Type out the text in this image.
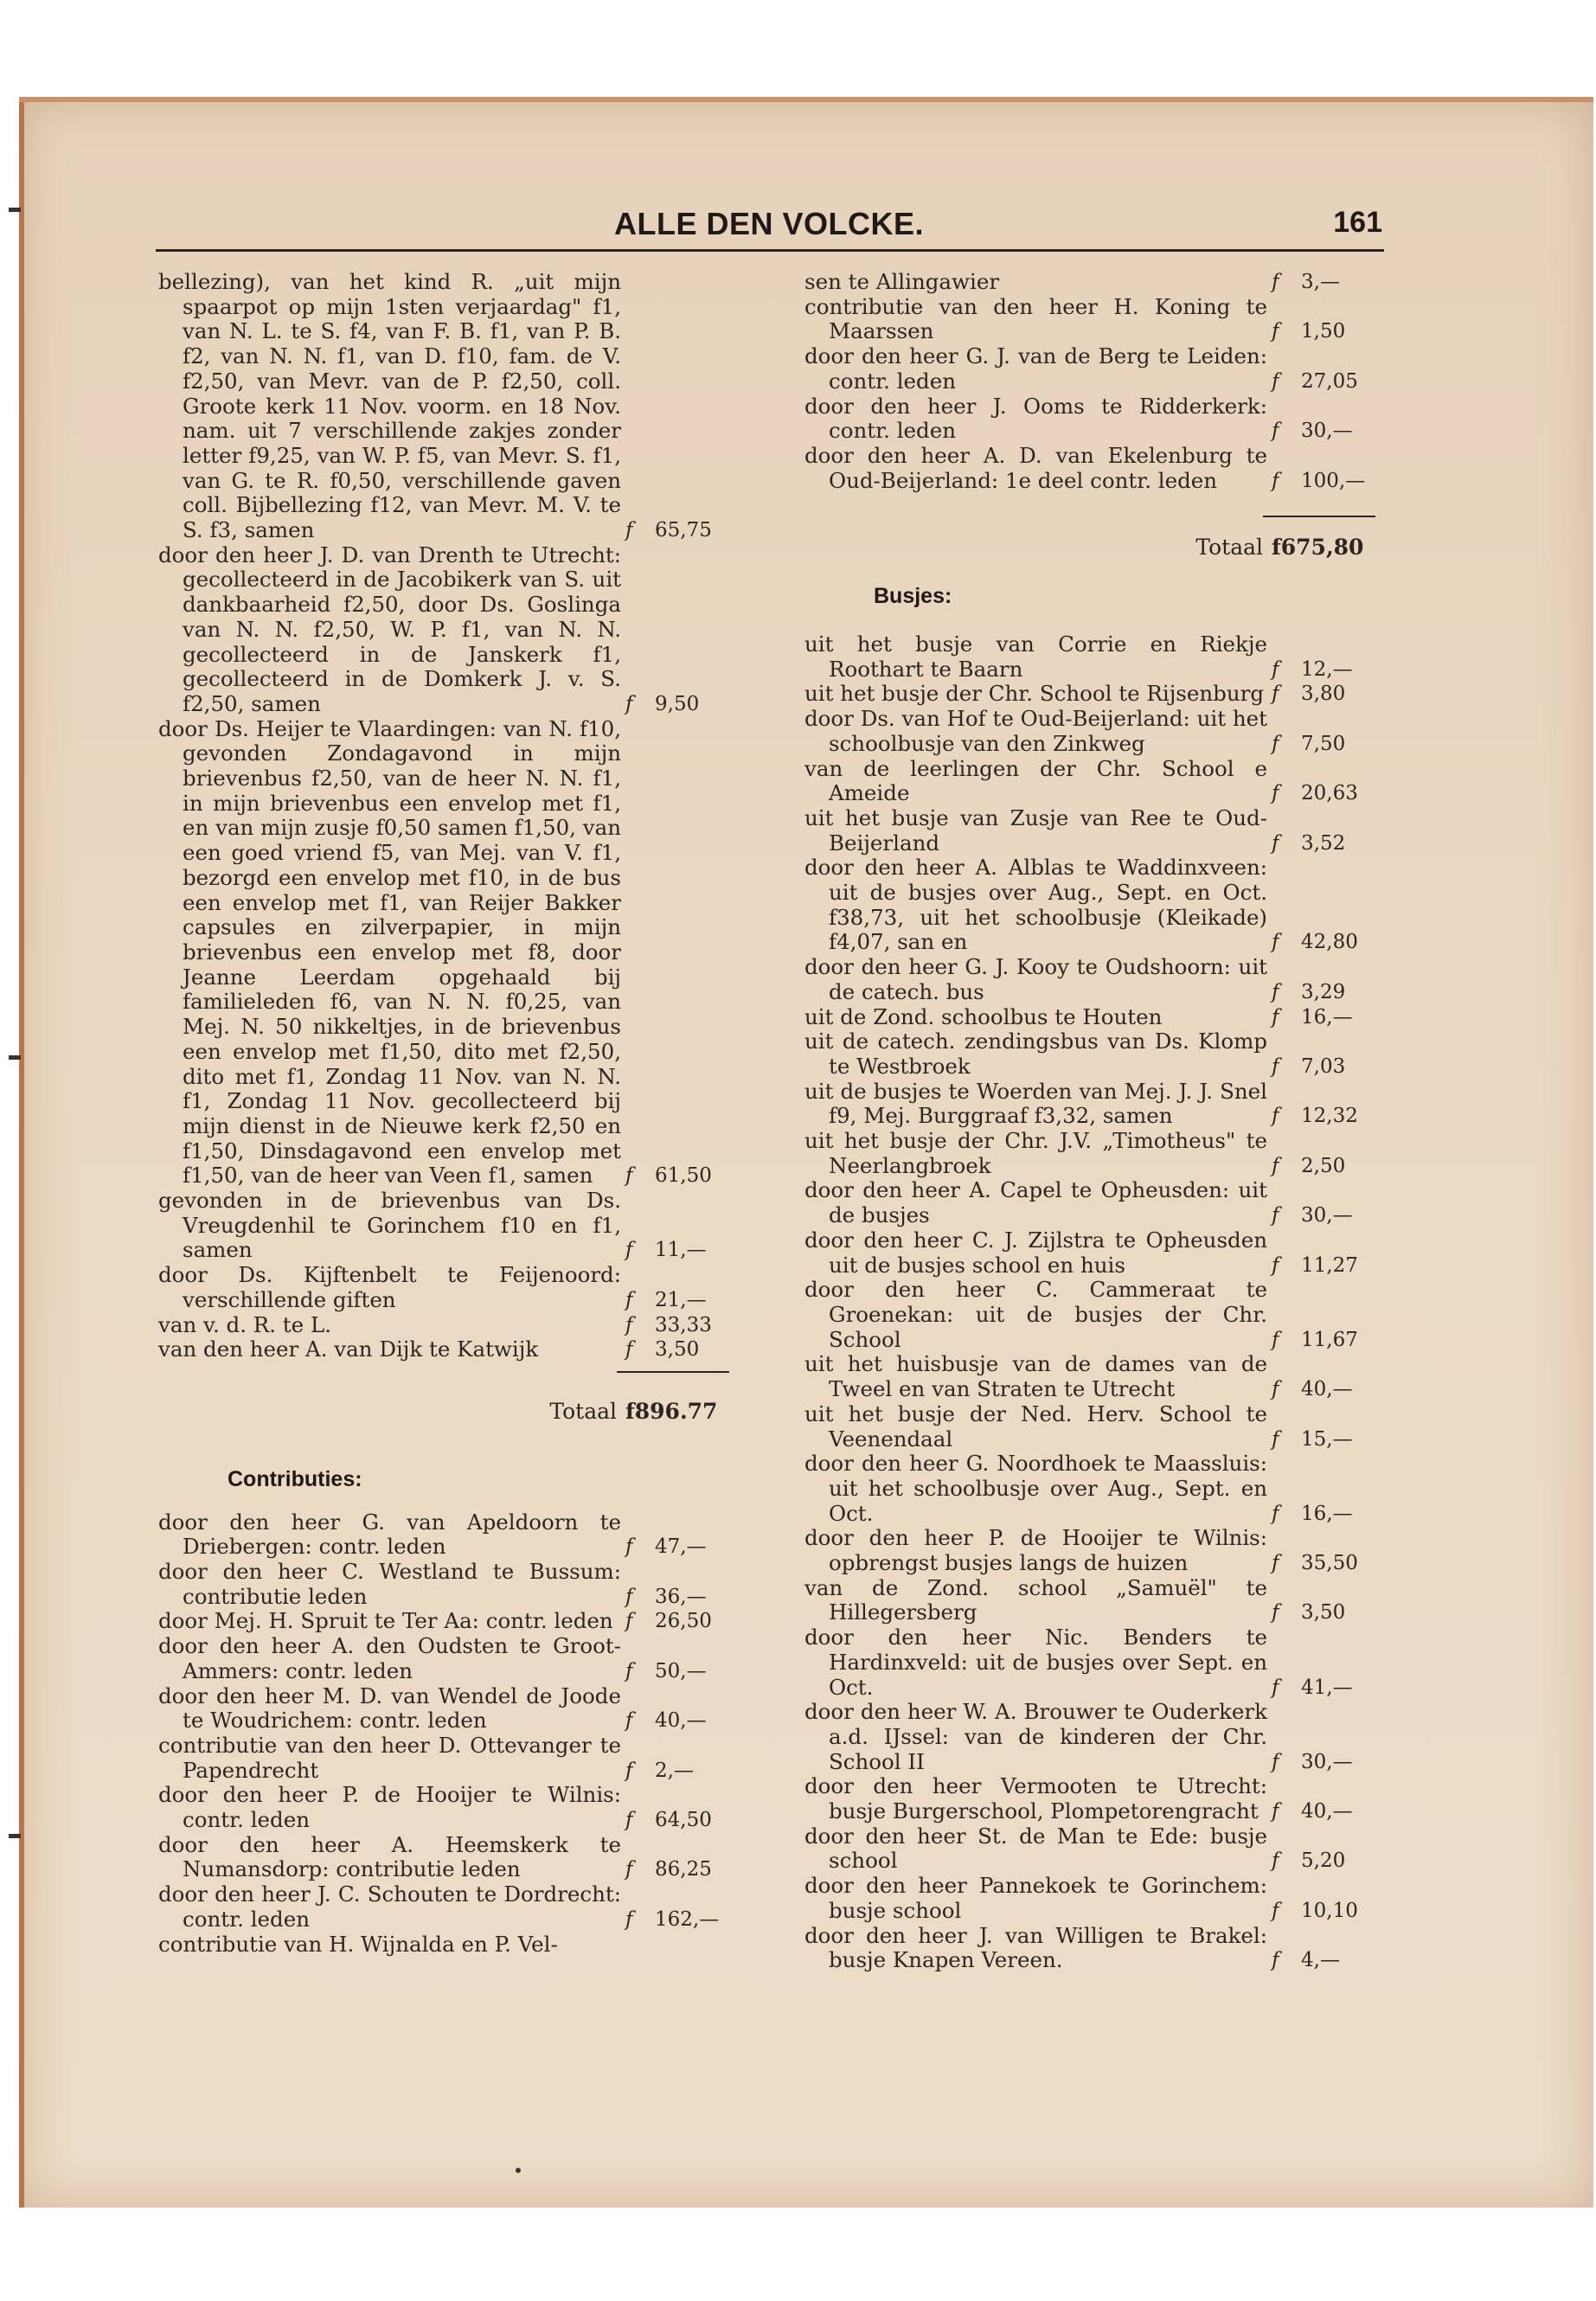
ALLE DEN VOLCKE.	161
bellezing), van het kind R. „uit mijn spaarpot op mijn 1sten verjaardag" f1, van N. L. te S. f4, van F. B. f1, van P. B. f2, van N. N. f1, van D. f10, fam. de V. f2,50, van Mevr. van de P. f2,50, coll. Groote kerk 11 Nov. voorm. en 18 Nov. nam. uit 7 verschillende zakjes zonder letter f9,25, van W. P. f5, van Mevr. S. f1, van G. te R. f0,50, verschillende gaven coll. Bijbellezing f12, van Mevr. M. V. te S. f3, samen	f 65,75
door den heer J. D. van Drenth te Utrecht: gecollecteerd in de Jacobikerk van S. uit dankbaarheid f2,50, door Ds. Goslinga van N. N. f2,50, W. P. f1, van N. N. gecollecteerd in de Janskerk f1, gecollecteerd in de Domkerk J. v. S. f2,50, samen	f 9,50
door Ds. Heijer te Vlaardingen: van N. f10, gevonden Zondagavond in mijn brievenbus f2,50, van de heer N. N. f1, in mijn brievenbus een envelop met f1, en van mijn zusje f0,50 samen f1,50, van een goed vriend f5, van Mej. van V. f1, bezorgd een envelop met f10, in de bus een envelop met f1, van Reijer Bakker capsules en zilverpapier, in mijn brievenbus een envelop met f8, door Jeanne Leerdam opgehaald bij familieleden f6, van N. N. f0,25, van Mej. N. 50 nikkeltjes, in de brievenbus een envelop met f1,50, dito met f2,50, dito met f1, Zondag 11 Nov. van N. N. f1, Zondag 11 Nov. gecollecteerd bij mijn dienst in de Nieuwe kerk f2,50 en f1,50, Dinsdagavond een envelop met f1,50, van de heer van Veen f1, samen	f 61,50
gevonden in de brievenbus van Ds. Vreugdenhil te Gorinchem f10 en f1, samen	f 11,—
door Ds. Kijftenbelt te Feijenoord: verschillende giften	f 21,—
van v. d. R. te L.	f 33,33
van den heer A. van Dijk te Katwijk	f 3,50
Totaal f896.77
Contributies:
door den heer G. van Apeldoorn te Driebergen: contr. leden	f 47,—
door den heer C. Westland te Bussum: contributie leden	f 36,—
door Mej. H. Spruit te Ter Aa: contr. leden f 26,50
door den heer A. den Oudsten te Groot-Ammers: contr. leden	f 50,—
door den heer M. D. van Wendel de Joode te Woudrichem: contr. leden	f 40,—
contributie van den heer D. Ottevanger te Papendrecht	f 2,—
door den heer P. de Hooijer te Wilnis: contr. leden	f 64,50
door den heer A. Heemskerk te Numansdorp: contributie leden	f 86,25
door den heer J. C. Schouten te Dordrecht: contr. leden	f 162,—
contributie van H. Wijnalda en P. Vel-
sen te Allingawier	f 3,—
contributie van den heer H. Koning te Maarssen	f 1,50
door den heer G. J. van de Berg te Leiden: contr. leden	f 27,05
door den heer J. Ooms te Ridderkerk: contr. leden	f 30,—
door den heer A. D. van Ekelenburg te Oud-Beijerland: 1e deel contr. leden	f 100,—
Totaal f675,80
Busjes:
uit het busje van Corrie en Riekje Roothart te Baarn	f 12,—
uit het busje der Chr. School te Rijsenburg f 3,80
door Ds. van Hof te Oud-Beijerland: uit het schoolbusje van den Zinkweg	f 7,50
van de leerlingen der Chr. School e Ameide	f 20,63
uit het busje van Zusje van Ree te Oud-Beijerland	f 3,52
door den heer A. Alblas te Waddinxveen: uit de busjes over Aug., Sept. en Oct. f38,73, uit het schoolbusje (Kleikade) f4,07, san en	f 42,80
door den heer G. J. Kooy te Oudshoorn: uit de catech. bus	f 3,29
uit de Zond. schoolbus te Houten	f 16,—
uit de catech. zendingsbus van Ds. Klomp te Westbroek	f 7,03
uit de busjes te Woerden van Mej. J. J. Snel f9, Mej. Burggraaf f3,32, samen	f 12,32
uit het busje der Chr. J.V. „Timotheus" te Neerlangbroek	f 2,50
door den heer A. Capel te Opheusden: uit de busjes	f 30,—
door den heer C. J. Zijlstra te Opheusden uit de busjes school en huis	f 11,27
door den heer C. Cammeraat te Groenekan: uit de busjes der Chr. School	f 11,67
uit het huisbusje van de dames van de Tweel en van Straten te Utrecht	f 40,—
uit het busje der Ned. Herv. School te Veenendaal	f 15,—
door den heer G. Noordhoek te Maassluis: uit het schoolbusje over Aug., Sept. en Oct.	f 16,—
door den heer P. de Hooijer te Wilnis: opbrengst busjes langs de huizen	f 35,50
van de Zond. school „Samuël" te Hillegersberg	f 3,50
door den heer Nic. Benders te Hardinxveld: uit de busjes over Sept. en Oct.	f 41,—
door den heer W. A. Brouwer te Ouderkerk a.d. IJssel: van de kinderen der Chr. School II	f 30,—
door den heer Vermooten te Utrecht: busje Burgerschool, Plompetorengracht f 40,—
door den heer St. de Man te Ede: busje school	f 5,20
door den heer Pannekoek te Gorinchem: busje school	f 10,10
door den heer J. van Willigen te Brakel: busje Knapen Vereen.	f 4,—
